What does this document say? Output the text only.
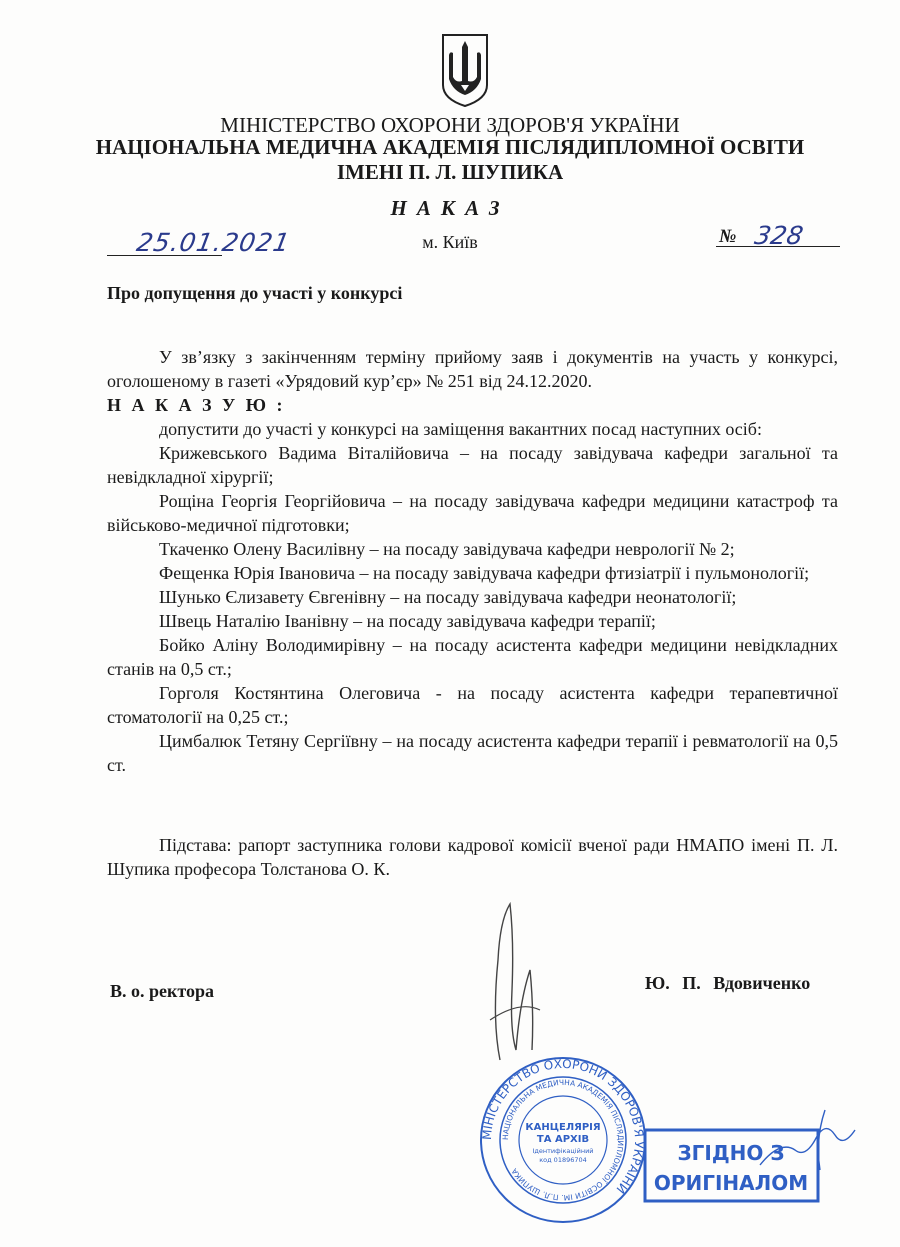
МІНІСТЕРСТВО ОХОРОНИ ЗДОРОВ'Я УКРАЇНИ
НАЦІОНАЛЬНА МЕДИЧНА АКАДЕМІЯ ПІСЛЯДИПЛОМНОЇ ОСВІТИ
ІМЕНІ П. Л. ШУПИКА
НАКАЗ
25.01.2021	м. Київ	№ 328
Про допущення до участі у конкурсі

У зв’язку з закінченням терміну прийому заяв і документів на участь у конкурсі, оголошеному в газеті «Урядовий кур’єр» № 251 від 24.12.2020.

Н А К А З У Ю :

допустити до участі у конкурсі на заміщення вакантних посад наступних осіб:

Крижевського Вадима Віталійовича – на посаду завідувача кафедри загальної та невідкладної хірургії;

Рощіна Георгія Георгійовича – на посаду завідувача кафедри медицини катастроф та військово-медичної підготовки;

Ткаченко Олену Василівну – на посаду завідувача кафедри неврології № 2;

Фещенка Юрія Івановича – на посаду завідувача кафедри фтизіатрії і пульмонології;

Шунько Єлизавету Євгенівну – на посаду завідувача кафедри неонатології;

Швець Наталію Іванівну – на посаду завідувача кафедри терапії;

Бойко Аліну Володимирівну – на посаду асистента кафедри медицини невідкладних станів на 0,5 ст.;

Горголя Костянтина Олеговича - на посаду асистента кафедри терапевтичної стоматології на 0,25 ст.;

Цимбалюк Тетяну Сергіївну – на посаду асистента кафедри терапії і ревматології на 0,5 ст.

Підстава: рапорт заступника голови кадрової комісії вченої ради НМАПО імені П. Л. Шупика професора Толстанова О. К.
В. о. ректора	Ю. П. Вдовиченко
МІНІСТЕРСТВО ОХОРОНИ ЗДОРОВ'Я УКРАЇНИ
НАЦІОНАЛЬНА МЕДИЧНА АКАДЕМІЯ ПІСЛЯДИПЛОМНОЇ ОСВІТИ ІМ. П.Л. ШУПИКА
КАНЦЕЛЯРІЯ
ТА АРХІВ
Ідентифікаційний
код 01896704	ЗГІДНО З
ОРИГІНАЛОМ
